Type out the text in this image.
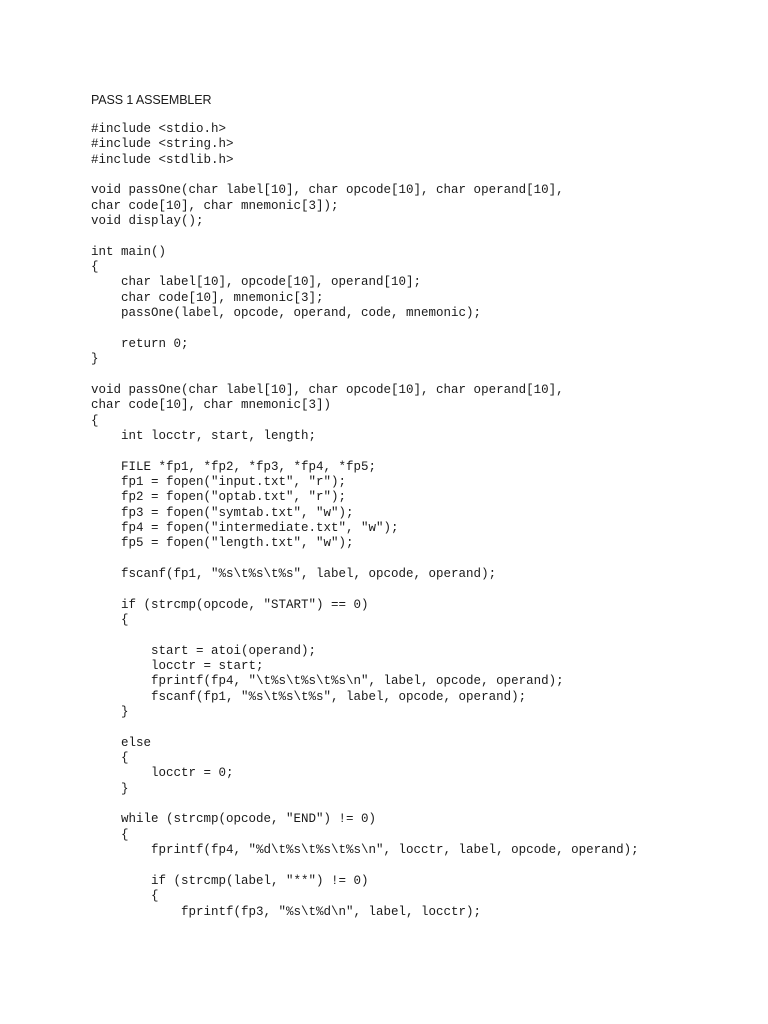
PASS 1 ASSEMBLER
#include <stdio.h>
#include <string.h>
#include <stdlib.h>
void passOne(char label[10], char opcode[10], char operand[10],
char code[10], char mnemonic[3]);
void display();
int main()
{
char label[10], opcode[10], operand[10];
char code[10], mnemonic[3];
passOne(label, opcode, operand, code, mnemonic);
return 0;
}
void passOne(char label[10], char opcode[10], char operand[10],
char code[10], char mnemonic[3])
{
int locctr, start, length;
FILE *fp1, *fp2, *fp3, *fp4, *fp5;
fp1 = fopen("input.txt", "r");
fp2 = fopen("optab.txt", "r");
fp3 = fopen("symtab.txt", "w");
fp4 = fopen("intermediate.txt", "w");
fp5 = fopen("length.txt", "w");
fscanf(fp1, "%s\t%s\t%s", label, opcode, operand);
if (strcmp(opcode, "START") == 0)
{
start = atoi(operand);
locctr = start;
fprintf(fp4, "\t%s\t%s\t%s\n", label, opcode, operand);
fscanf(fp1, "%s\t%s\t%s", label, opcode, operand);
}
else
{
locctr = 0;
}
while (strcmp(opcode, "END") != 0)
{
fprintf(fp4, "%d\t%s\t%s\t%s\n", locctr, label, opcode, operand);
if (strcmp(label, "**") != 0)
{
fprintf(fp3, "%s\t%d\n", label, locctr);
